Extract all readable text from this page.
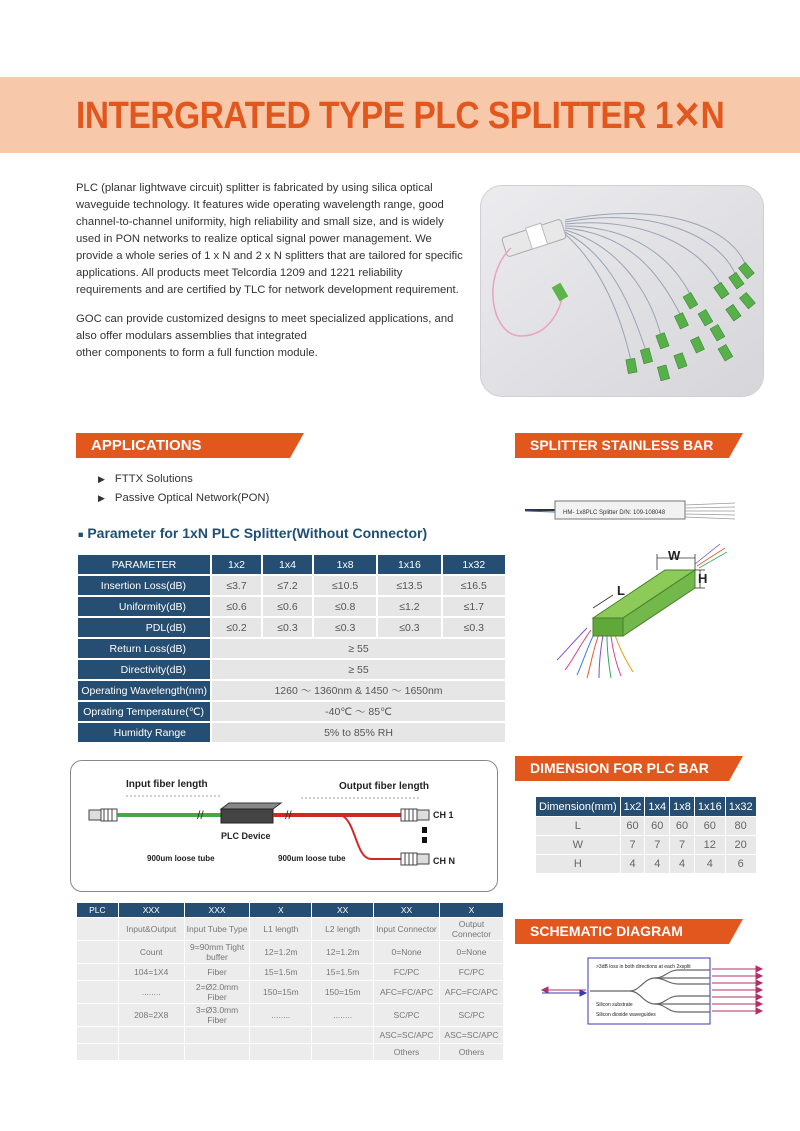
INTERGRATED TYPE PLC SPLITTER 1✕N

PLC (planar lightwave circuit) splitter is fabricated by using silica optical waveguide technology. It features wide operating wavelength range, good channel-to-channel uniformity, high reliability and small size, and is widely used in PON networks to realize optical signal power management. We provide a whole series of 1 x N and 2 x N splitters that are tailored for specific applications. All products meet Telcordia 1209 and 1221 reliability requirements and are certified by TLC for network development requirement.

GOC can provide customized designs to meet specialized applications, and also offer modulars assemblies that integrated
other components to form a full function module.
APPLICATIONS
▶ FTTX Solutions
▶ Passive Optical Network(PON)
SPLITTER STAINLESS BAR
HM- 1x8PLC Splitter D/N: 109-108048
W
H
L
■ Parameter for 1xN PLC Splitter(Without Connector)
PARAMETER	1x2	1x4	1x8	1x16	1x32
Insertion Loss(dB)	≤3.7	≤7.2	≤10.5	≤13.5	≤16.5
Uniformity(dB)	≤0.6	≤0.6	≤0.8	≤1.2	≤1.7
PDL(dB)	≤0.2	≤0.3	≤0.3	≤0.3	≤0.3
Return Loss(dB)	≥ 55				
Directivity(dB)	≥ 55				
Operating Wavelength(nm)	1260 ～ 1360nm & 1450 ～ 1650nm				
Oprating Temperature(℃)	-40℃ ～ 85℃				
Humidty Range	5% to 85% RH				
Input fiber length	Output fiber length
//
PLC Device
//	CH 1
CH N
900um loose tube	900um loose tube
PLC	XXX	XXX	X	XX	XX	X
	Input&Output	Input Tube Type	L1 length	L2 length	Input Connector	Output Connector
	Count	9=90mm Tight buffer	12=1.2m	12=1.2m	0=None	0=None
	104=1X4	Fiber	15=1.5m	15=1.5m	FC/PC	FC/PC
	........	2=Ø2.0mm Fiber	150=15m	150=15m	AFC=FC/APC	AFC=FC/APC
	208=2X8	3=Ø3.0mm Fiber	........	........	SC/PC	SC/PC
					ASC=SC/APC	ASC=SC/APC
					Others	Others
DIMENSION FOR PLC BAR
Dimension(mm)	1x2	1x4	1x8	1x16	1x32
L	60	60	60	60	80
W	7	7	7	12	20
H	4	4	4	4	6
SCHEMATIC DIAGRAM
>3dB loss in both directions at each 2xsplit
Silicon substrate
Silicon dioxide waveguides
